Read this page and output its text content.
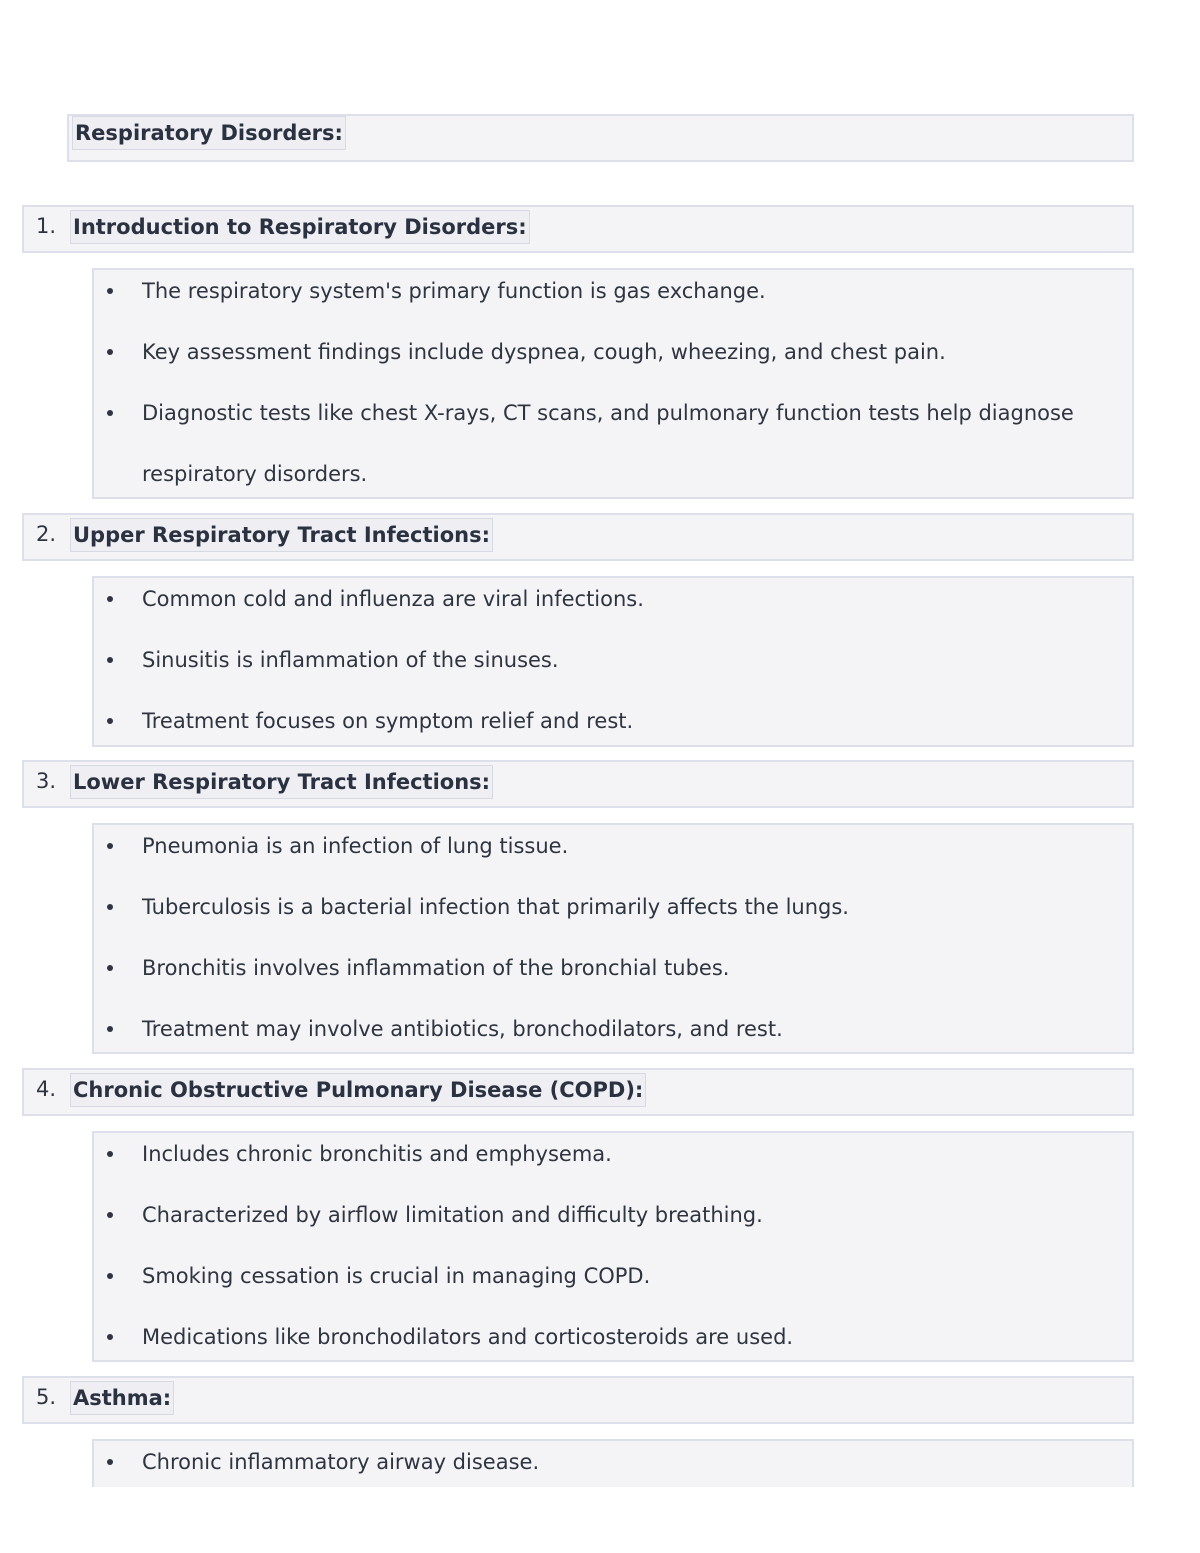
Respiratory Disorders:
1. Introduction to Respiratory Disorders:
The respiratory system's primary function is gas exchange.
Key assessment findings include dyspnea, cough, wheezing, and chest pain.
Diagnostic tests like chest X-rays, CT scans, and pulmonary function tests help diagnose respiratory disorders.
2. Upper Respiratory Tract Infections:
Common cold and influenza are viral infections.
Sinusitis is inflammation of the sinuses.
Treatment focuses on symptom relief and rest.
3. Lower Respiratory Tract Infections:
Pneumonia is an infection of lung tissue.
Tuberculosis is a bacterial infection that primarily affects the lungs.
Bronchitis involves inflammation of the bronchial tubes.
Treatment may involve antibiotics, bronchodilators, and rest.
4. Chronic Obstructive Pulmonary Disease (COPD):
Includes chronic bronchitis and emphysema.
Characterized by airflow limitation and difficulty breathing.
Smoking cessation is crucial in managing COPD.
Medications like bronchodilators and corticosteroids are used.
5. Asthma:
Chronic inflammatory airway disease.
